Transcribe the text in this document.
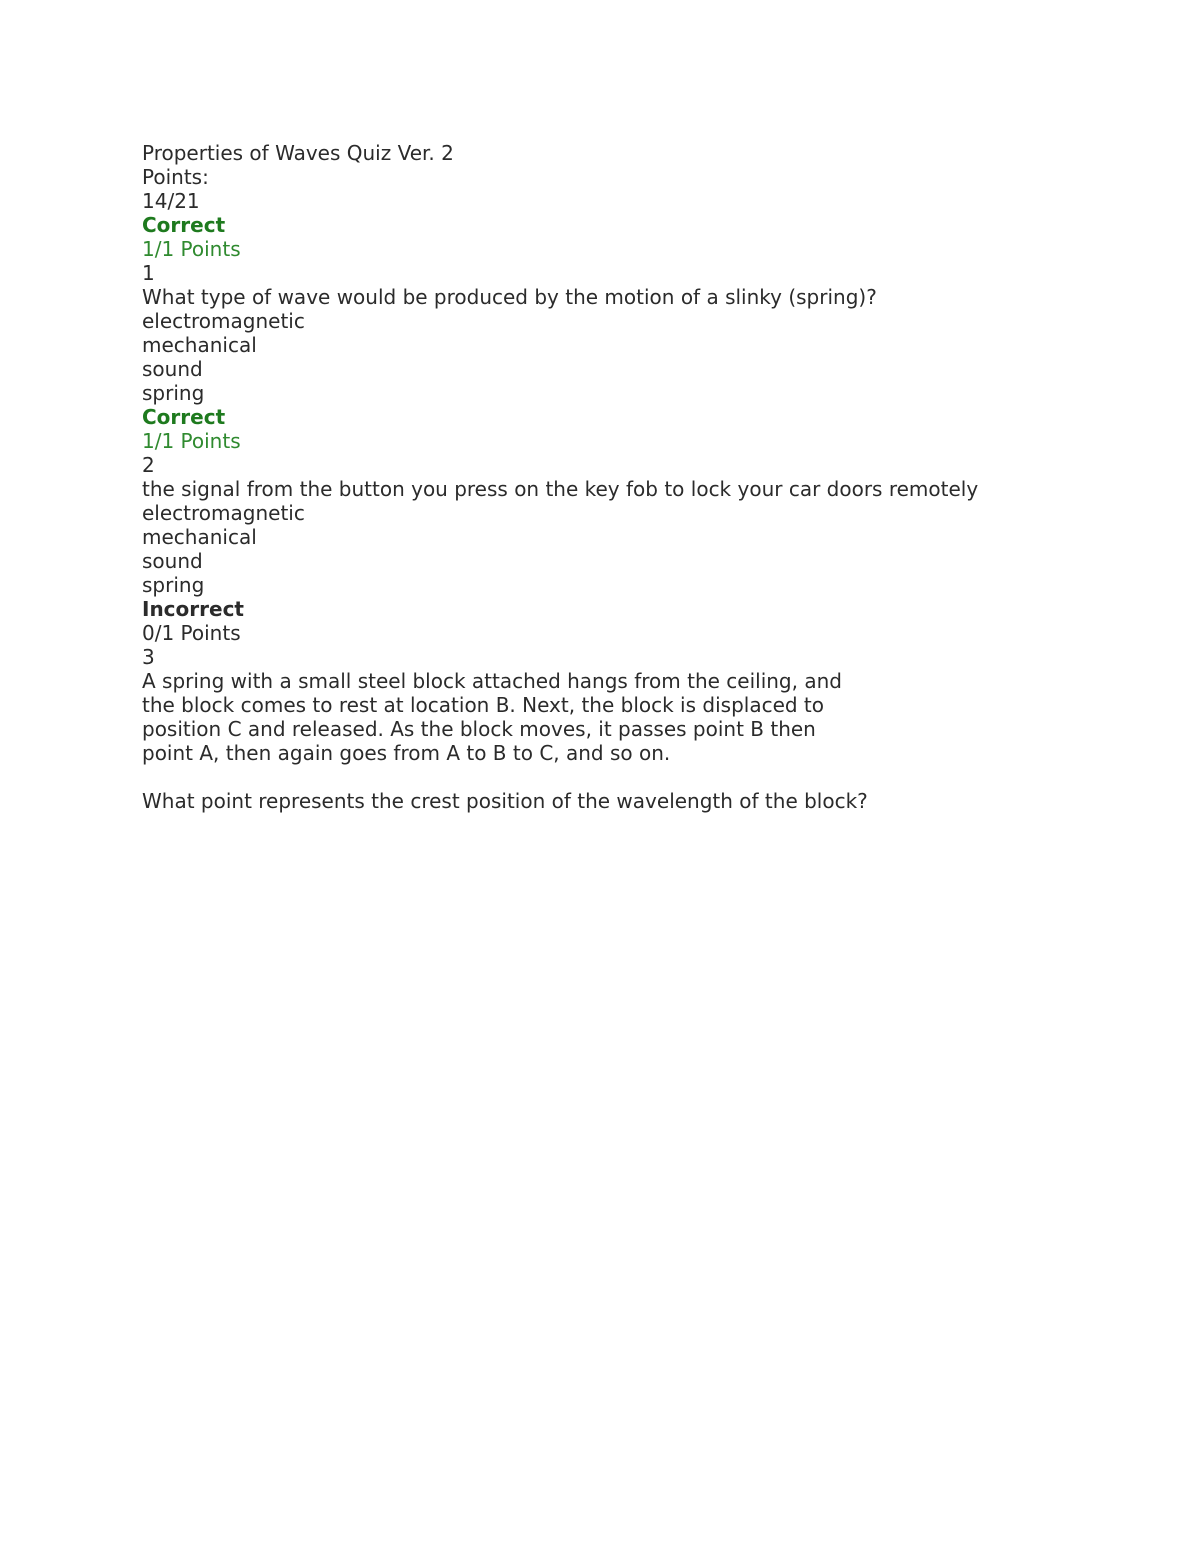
Properties of Waves Quiz Ver. 2
Points:
14/21
Correct
1/1 Points
1
What type of wave would be produced by the motion of a slinky (spring)?
electromagnetic
mechanical
sound
spring
Correct
1/1 Points
2
the signal from the button you press on the key fob to lock your car doors remotely
electromagnetic
mechanical
sound
spring
Incorrect
0/1 Points
3
A spring with a small steel block attached hangs from the ceiling, and
the block comes to rest at location B. Next, the block is displaced to
position C and released. As the block moves, it passes point B then
point A, then again goes from A to B to C, and so on.
What point represents the crest position of the wavelength of the block?
